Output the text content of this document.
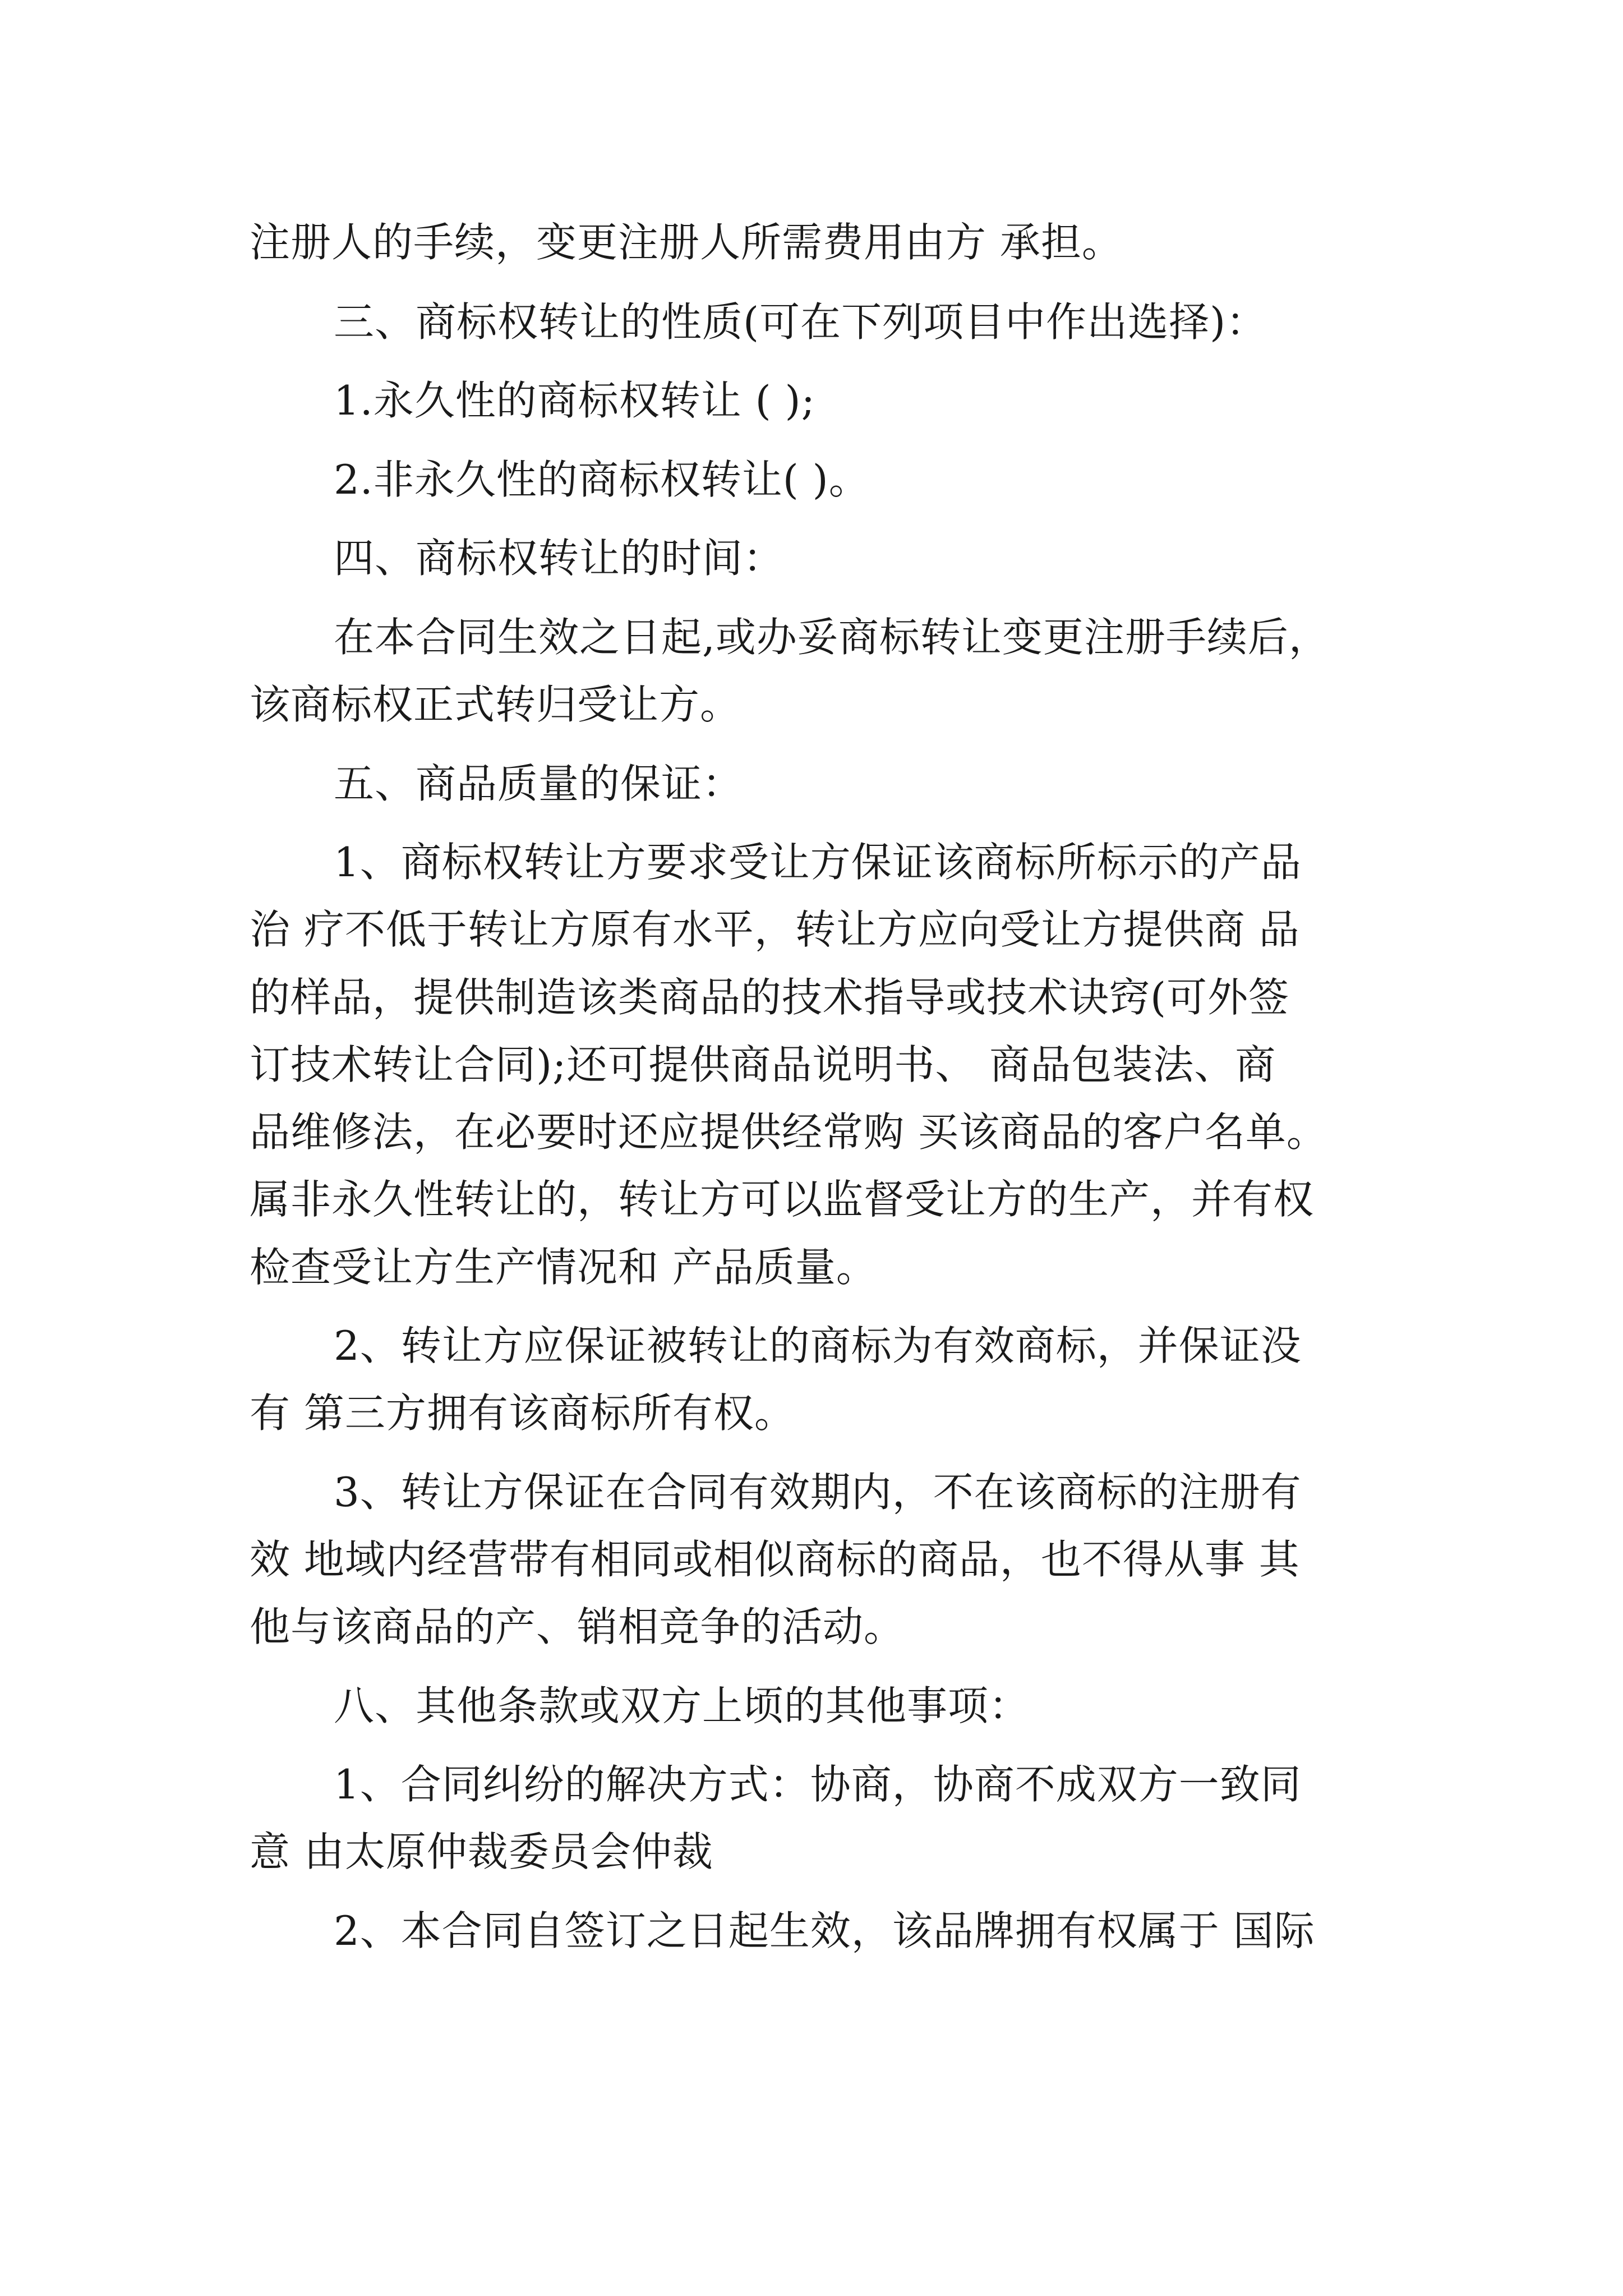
注册人的手续，变更注册人所需费用由方 承担。
三、商标权转让的性质(可在下列项目中作出选择)：
1.永久性的商标权转让 ( );
2.非永久性的商标权转让( )。
四、商标权转让的时间：
在本合同生效之日起,或办妥商标转让变更注册手续后，
该商标权正式转归受让方。
五、商品质量的保证：
1、商标权转让方要求受让方保证该商标所标示的产品
治 疗不低于转让方原有水平，转让方应向受让方提供商 品
的样品，提供制造该类商品的技术指导或技术诀窍(可外签
订技术转让合同);还可提供商品说明书、 商品包装法、商
品维修法，在必要时还应提供经常购 买该商品的客户名单。
属非永久性转让的，转让方可以监督受让方的生产，并有权
检查受让方生产情况和 产品质量。
2、转让方应保证被转让的商标为有效商标，并保证没
有 第三方拥有该商标所有权。
3、转让方保证在合同有效期内，不在该商标的注册有
效 地域内经营带有相同或相似商标的商品，也不得从事 其
他与该商品的产、销相竞争的活动。
八、其他条款或双方上顷的其他事项：
1、合同纠纷的解决方式：协商，协商不成双方一致同
意 由太原仲裁委员会仲裁
2、本合同自签订之日起生效，该品牌拥有权属于 国际
